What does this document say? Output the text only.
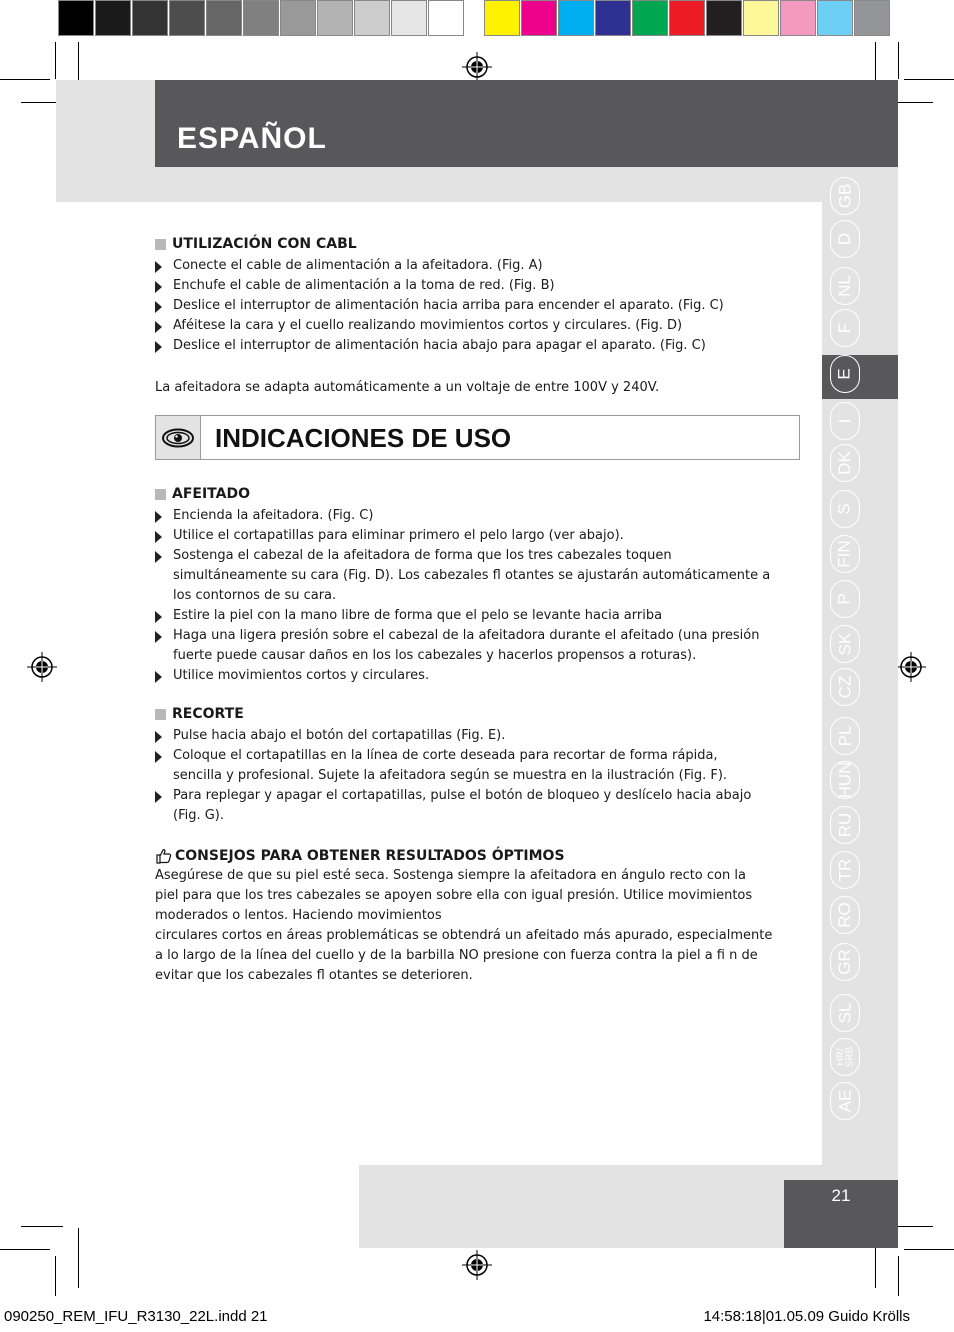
ESPAÑOL
GB
D
NL
F
E
I
DK
S
FIN
P
SK
CZ
PL
HUN
RU
TR
RO
GR
SL
HR/
SRB
AE
UTILIZACIÓN CON CABL
Conecte el cable de alimentación a la afeitadora. (Fig. A)
Enchufe el cable de alimentación a la toma de red. (Fig. B)
Deslice el interruptor de alimentación hacia arriba para encender el aparato. (Fig. C)
Aféitese la cara y el cuello realizando movimientos cortos y circulares. (Fig. D)
Deslice el interruptor de alimentación hacia abajo para apagar el aparato. (Fig. C)

La afeitadora se adapta automáticamente a un voltaje de entre 100V y 240V.

INDICACIONES DE USO
AFEITADO
Encienda la afeitadora. (Fig. C)
Utilice el cortapatillas para eliminar primero el pelo largo (ver abajo).
Sostenga el cabezal de la afeitadora de forma que los tres cabezales toquen simultáneamente su cara (Fig. D). Los cabezales fl otantes se ajustarán automáticamente a los contornos de su cara.
Estire la piel con la mano libre de forma que el pelo se levante hacia arriba
Haga una ligera presión sobre el cabezal de la afeitadora durante el afeitado (una presión fuerte puede causar daños en los los cabezales y hacerlos propensos a roturas).
Utilice movimientos cortos y circulares.
RECORTE
Pulse hacia abajo el botón del cortapatillas (Fig. E).
Coloque el cortapatillas en la línea de corte deseada para recortar de forma rápida, sencilla y profesional. Sujete la afeitadora según se muestra en la ilustración (Fig. F).
Para replegar y apagar el cortapatillas, pulse el botón de bloqueo y deslícelo hacia abajo (Fig. G).
CONSEJOS PARA OBTENER RESULTADOS ÓPTIMOS
Asegúrese de que su piel esté seca. Sostenga siempre la afeitadora en ángulo recto con la
piel para que los tres cabezales se apoyen sobre ella con igual presión. Utilice movimientos
moderados o lentos. Haciendo movimientos
circulares cortos en áreas problemáticas se obtendrá un afeitado más apurado, especialmente
a lo largo de la línea del cuello y de la barbilla NO presione con fuerza contra la piel a fi n de
evitar que los cabezales fl otantes se deterioren.
21
090250_REM_IFU_R3130_22L.indd 21	14:58:18|01.05.09 Guido Krölls
